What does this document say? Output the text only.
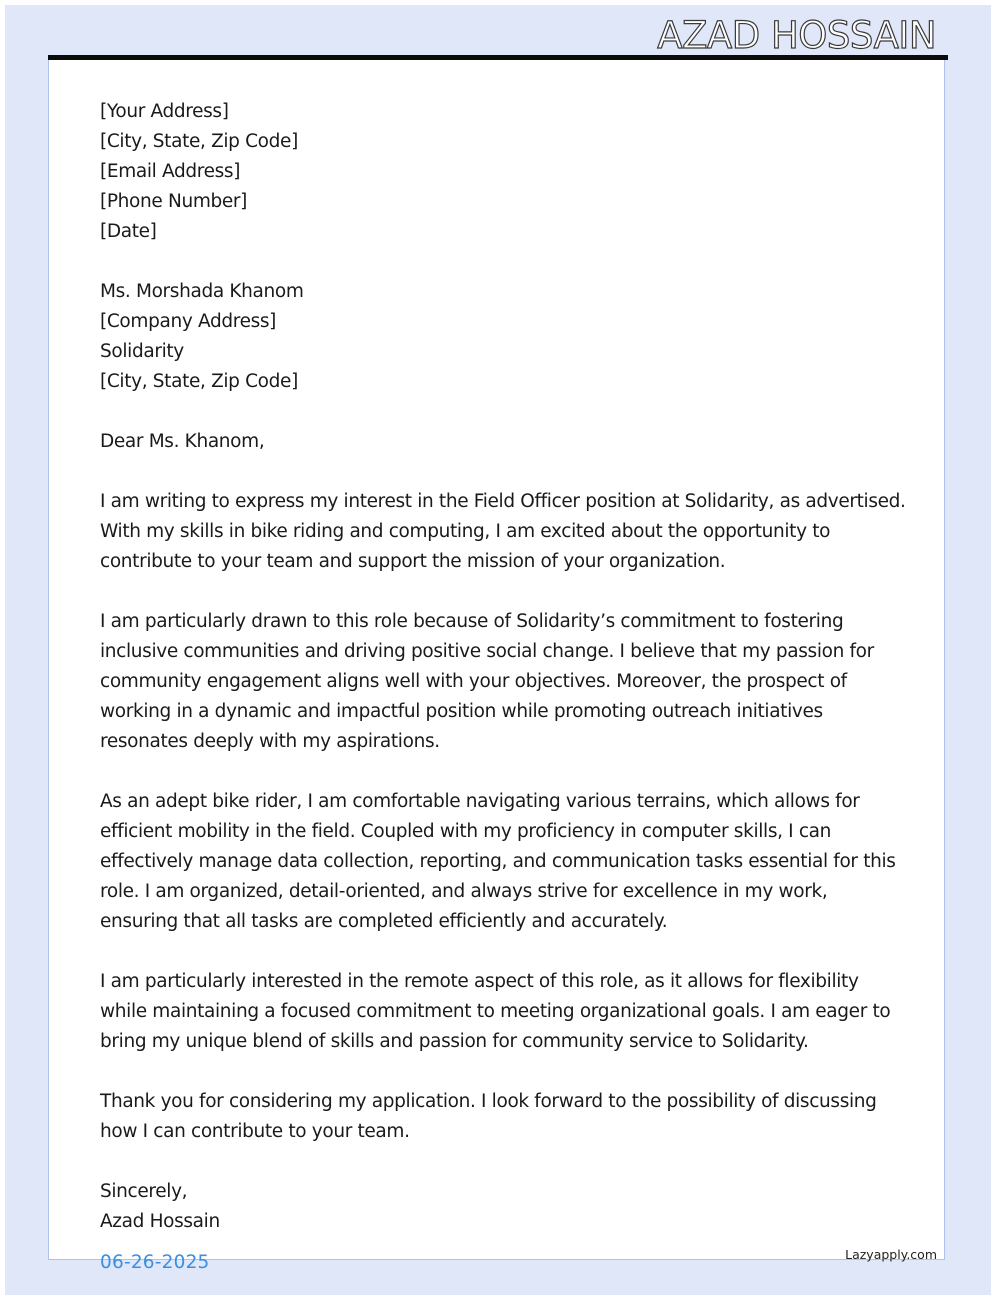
AZAD HOSSAIN
[Your Address]
[City, State, Zip Code]
[Email Address]
[Phone Number]
[Date]
Ms. Morshada Khanom
[Company Address]
Solidarity
[City, State, Zip Code]
Dear Ms. Khanom,
I am writing to express my interest in the Field Officer position at Solidarity, as advertised. With my skills in bike riding and computing, I am excited about the opportunity to contribute to your team and support the mission of your organization.
I am particularly drawn to this role because of Solidarity’s commitment to fostering inclusive communities and driving positive social change. I believe that my passion for community engagement aligns well with your objectives. Moreover, the prospect of working in a dynamic and impactful position while promoting outreach initiatives resonates deeply with my aspirations.
As an adept bike rider, I am comfortable navigating various terrains, which allows for efficient mobility in the field. Coupled with my proficiency in computer skills, I can effectively manage data collection, reporting, and communication tasks essential for this role. I am organized, detail-oriented, and always strive for excellence in my work, ensuring that all tasks are completed efficiently and accurately.
I am particularly interested in the remote aspect of this role, as it allows for flexibility while maintaining a focused commitment to meeting organizational goals. I am eager to bring my unique blend of skills and passion for community service to Solidarity.
Thank you for considering my application. I look forward to the possibility of discussing how I can contribute to your team.
Sincerely,
Azad Hossain
06-26-2025	Lazyapply.com
